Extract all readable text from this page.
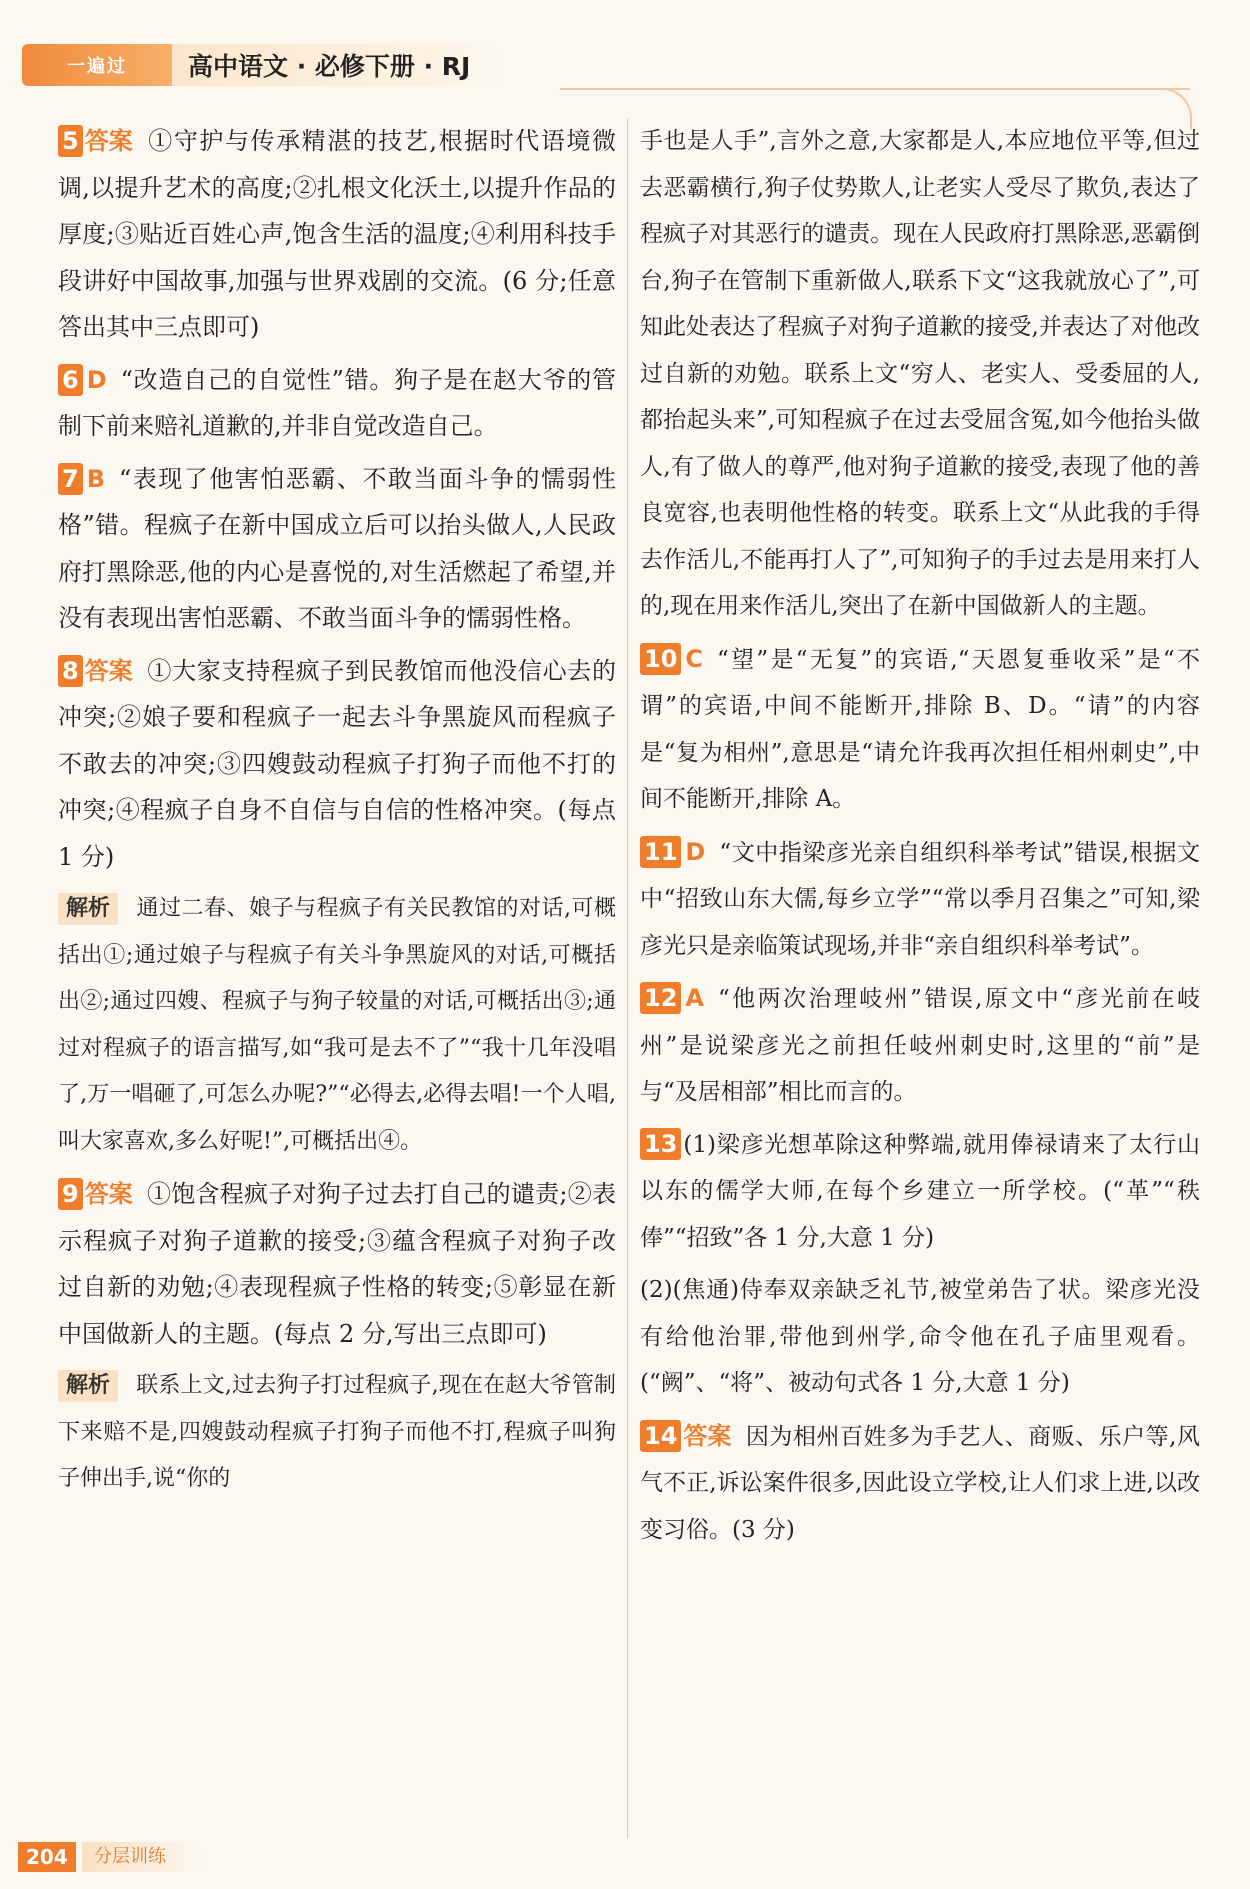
一遍过	高中语文 · 必修下册 · RJ

5 答案 ①守护与传承精湛的技艺,根据时代语境微调,以提升艺术的高度;②扎根文化沃土,以提升作品的厚度;③贴近百姓心声,饱含生活的温度;④利用科技手段讲好中国故事,加强与世界戏剧的交流。(6 分;任意答出其中三点即可)

6 D “改造自己的自觉性”错。狗子是在赵大爷的管制下前来赔礼道歉的,并非自觉改造自己。

7 B “表现了他害怕恶霸、不敢当面斗争的懦弱性格”错。程疯子在新中国成立后可以抬头做人,人民政府打黑除恶,他的内心是喜悦的,对生活燃起了希望,并没有表现出害怕恶霸、不敢当面斗争的懦弱性格。

8 答案 ①大家支持程疯子到民教馆而他没信心去的冲突;②娘子要和程疯子一起去斗争黑旋风而程疯子不敢去的冲突;③四嫂鼓动程疯子打狗子而他不打的冲突;④程疯子自身不自信与自信的性格冲突。(每点 1 分)

解析 通过二春、娘子与程疯子有关民教馆的对话,可概括出①;通过娘子与程疯子有关斗争黑旋风的对话,可概括出②;通过四嫂、程疯子与狗子较量的对话,可概括出③;通过对程疯子的语言描写,如“我可是去不了”“我十几年没唱了,万一唱砸了,可怎么办呢?”“必得去,必得去唱!一个人唱,叫大家喜欢,多么好呢!”,可概括出④。

9 答案 ①饱含程疯子对狗子过去打自己的谴责;②表示程疯子对狗子道歉的接受;③蕴含程疯子对狗子改过自新的劝勉;④表现程疯子性格的转变;⑤彰显在新中国做新人的主题。(每点 2 分,写出三点即可)

解析 联系上文,过去狗子打过程疯子,现在在赵大爷管制下来赔不是,四嫂鼓动程疯子打狗子而他不打,程疯子叫狗子伸出手,说“你的

手也是人手”,言外之意,大家都是人,本应地位平等,但过去恶霸横行,狗子仗势欺人,让老实人受尽了欺负,表达了程疯子对其恶行的谴责。现在人民政府打黑除恶,恶霸倒台,狗子在管制下重新做人,联系下文“这我就放心了”,可知此处表达了程疯子对狗子道歉的接受,并表达了对他改过自新的劝勉。联系上文“穷人、老实人、受委屈的人,都抬起头来”,可知程疯子在过去受屈含冤,如今他抬头做人,有了做人的尊严,他对狗子道歉的接受,表现了他的善良宽容,也表明他性格的转变。联系上文“从此我的手得去作活儿,不能再打人了”,可知狗子的手过去是用来打人的,现在用来作活儿,突出了在新中国做新人的主题。

10 C “望”是“无复”的宾语,“天恩复垂收采”是“不谓”的宾语,中间不能断开,排除 B、D。“请”的内容是“复为相州”,意思是“请允许我再次担任相州刺史”,中间不能断开,排除 A。

11 D “文中指梁彦光亲自组织科举考试”错误,根据文中“招致山东大儒,每乡立学”“常以季月召集之”可知,梁彦光只是亲临策试现场,并非“亲自组织科举考试”。

12 A “他两次治理岐州”错误,原文中“彦光前在岐州”是说梁彦光之前担任岐州刺史时,这里的“前”是与“及居相部”相比而言的。

13 (1)梁彦光想革除这种弊端,就用俸禄请来了太行山以东的儒学大师,在每个乡建立一所学校。(“革”“秩俸”“招致”各 1 分,大意 1 分)

(2)(焦通)侍奉双亲缺乏礼节,被堂弟告了状。梁彦光没有给他治罪,带他到州学,命令他在孔子庙里观看。(“阙”、“将”、被动句式各 1 分,大意 1 分)

14 答案 因为相州百姓多为手艺人、商贩、乐户等,风气不正,诉讼案件很多,因此设立学校,让人们求上进,以改变习俗。(3 分)

204	分层训练
